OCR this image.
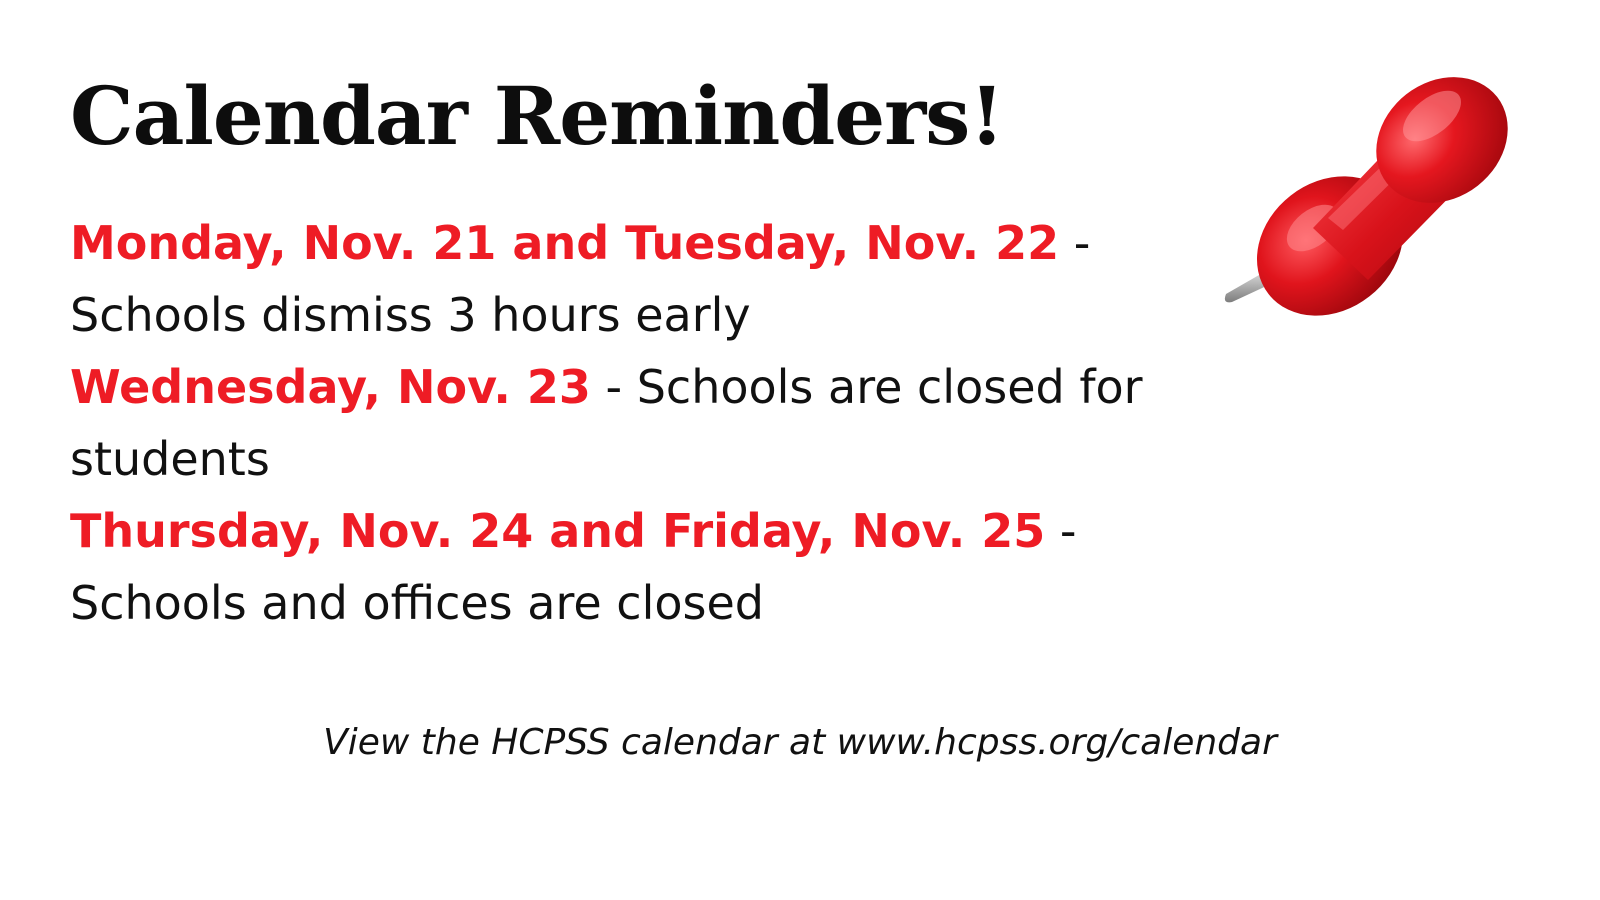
Calendar Reminders!

Monday, Nov. 21 and Tuesday, Nov. 22 - Schools dismiss 3 hours early

Wednesday, Nov. 23 - Schools are closed for students

Thursday, Nov. 24 and Friday, Nov. 25 - Schools and offices are closed

View the HCPSS calendar at www.hcpss.org/calendar
